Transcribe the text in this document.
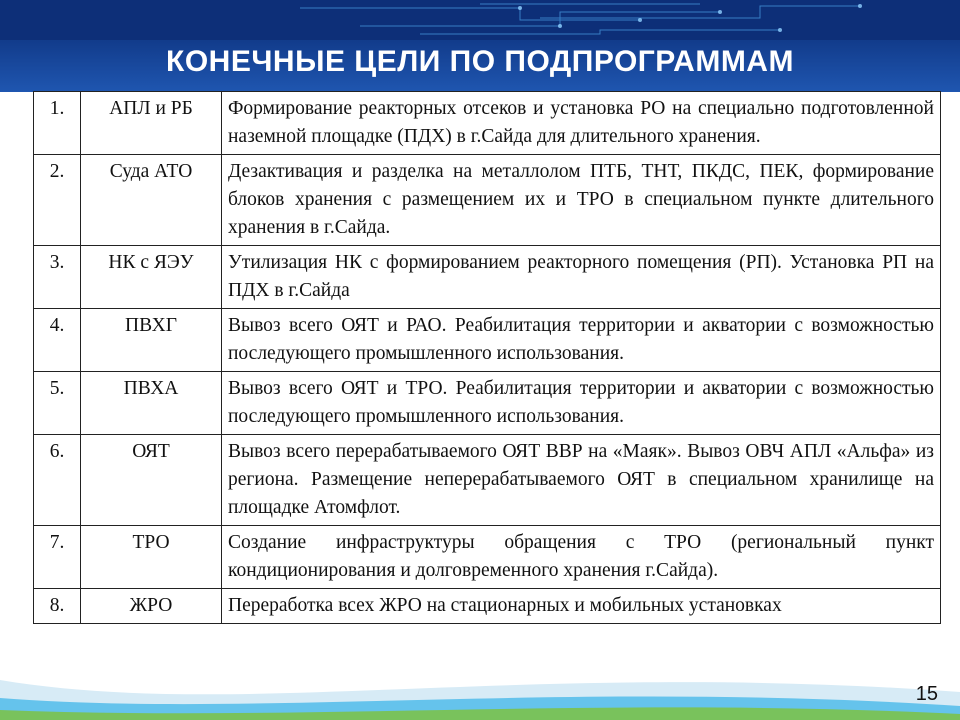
КОНЕЧНЫЕ ЦЕЛИ ПО ПОДПРОГРАММАМ
1.	АПЛ и РБ	Формирование реакторных отсеков и установка РО на специально подготовленной наземной площадке (ПДХ) в г.Сайда для длительного хранения.
2.	Суда АТО	Дезактивация и разделка на металлолом ПТБ, ТНТ, ПКДС, ПЕК, формирование блоков хранения с размещением их и ТРО в специальном пункте длительного хранения в г.Сайда.
3.	НК с ЯЭУ	Утилизация НК с формированием реакторного помещения (РП). Установка РП на ПДХ в г.Сайда
4.	ПВХГ	Вывоз всего ОЯТ и РАО. Реабилитация территории и акватории с возможностью последующего промышленного использования.
5.	ПВХА	Вывоз всего ОЯТ и ТРО. Реабилитация территории и акватории с возможностью последующего промышленного использования.
6.	ОЯТ	Вывоз всего перерабатываемого ОЯТ ВВР на «Маяк». Вывоз ОВЧ АПЛ «Альфа» из региона. Размещение неперерабатываемого ОЯТ в специальном хранилище на площадке Атомфлот.
7.	ТРО	Создание инфраструктуры обращения с ТРО (региональный пункт кондиционирования и долговременного хранения г.Сайда).
8.	ЖРО	Переработка всех ЖРО на стационарных и мобильных установках
15
